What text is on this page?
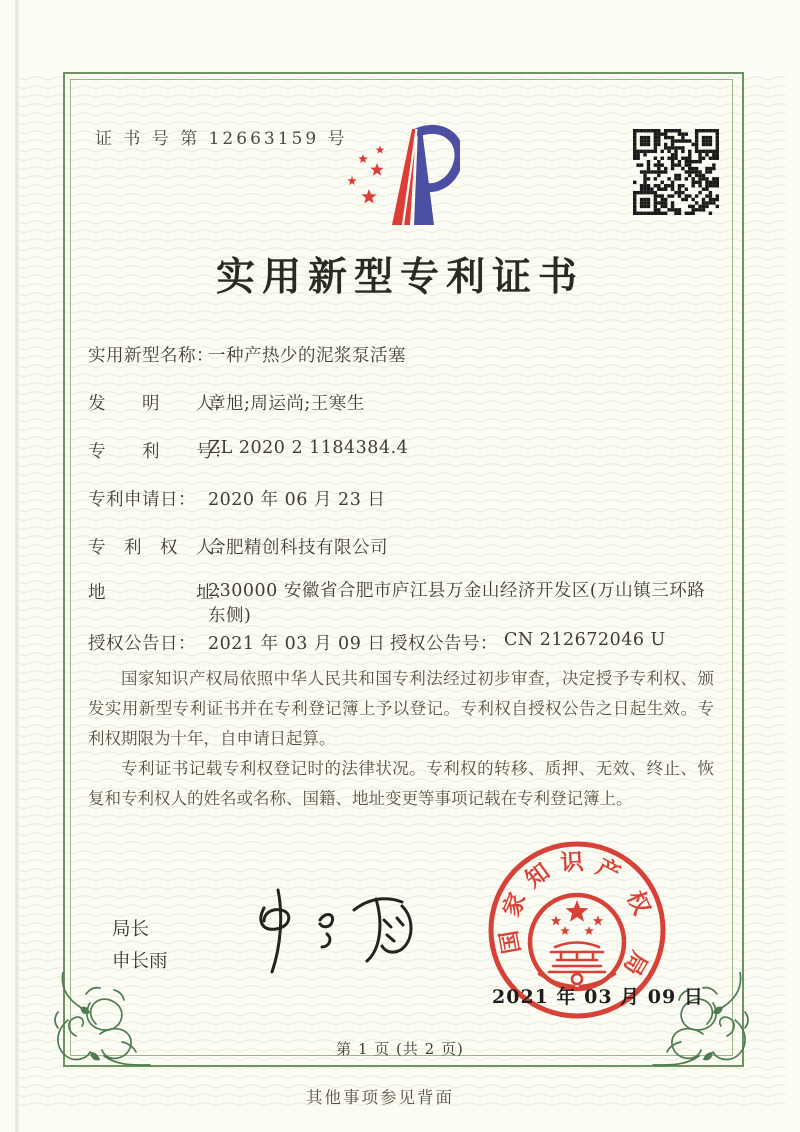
证 书 号 第 12663159 号
实用新型专利证书
实用新型名称：
一种产热少的泥浆泵活塞
发　　明　　人：
章旭;周运尚;王寒生
专　　利　　号：
ZL 2020 2 1184384.4
专利申请日： 2020 年 06 月 23 日
专　利　权　人：
合肥精创科技有限公司
地　　　　　址：
230000 安徽省合肥市庐江县万金山经济开发区(万山镇三环路东侧)
授权公告日： 2021 年 03 月 09 日 授权公告号： CN 212672046 U

国家知识产权局依照中华人民共和国专利法经过初步审查，决定授予专利权、颁发实用新型专利证书并在专利登记簿上予以登记。专利权自授权公告之日起生效。专利权期限为十年，自申请日起算。

专利证书记载专利权登记时的法律状况。专利权的转移、质押、无效、终止、恢复和专利权人的姓名或名称、国籍、地址变更等事项记载在专利登记簿上。

局长
申长雨
国
家
知 识 产
权
局
2021 年 03 月 09 日
第 1 页 (共 2 页)
其他事项参见背面
